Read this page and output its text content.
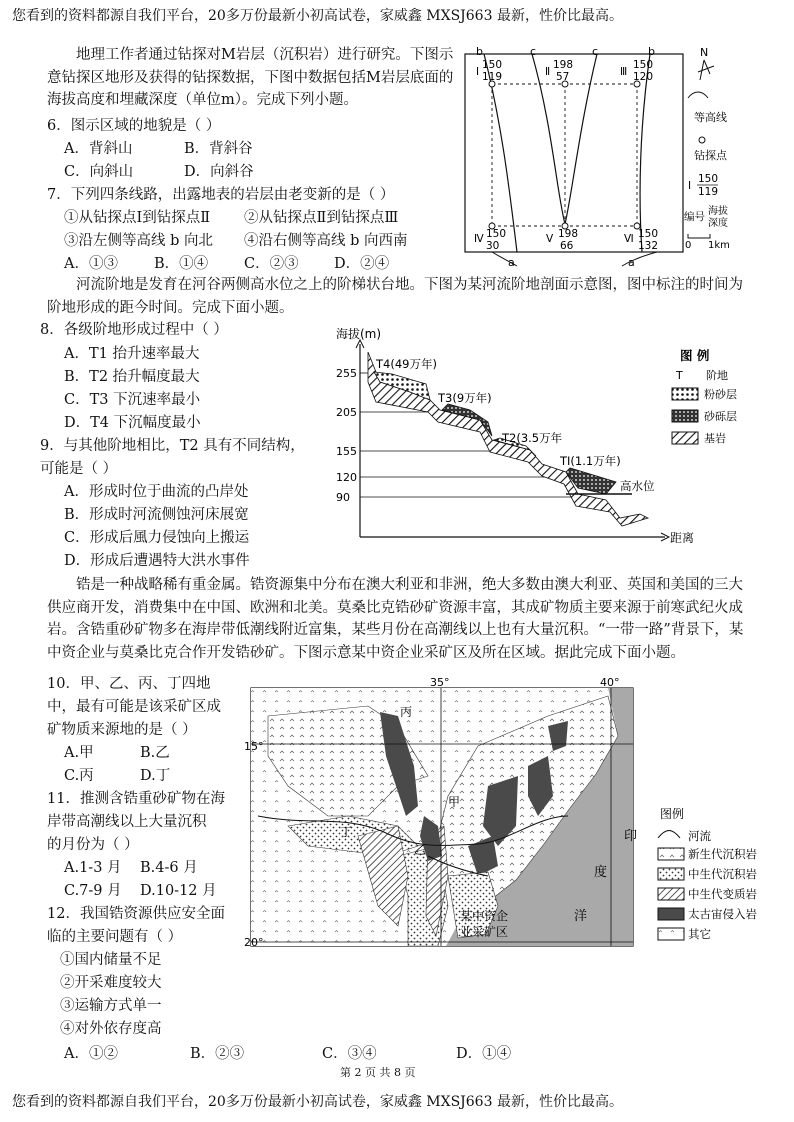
您看到的资料都源自我们平台，20多万份最新小初高试卷，家威鑫 MXSJ663 最新，性价比最高。
地理工作者通过钻探对M岩层（沉积岩）进行研究。下图示意钻探区地形及获得的钻探数据，下图中数据包括M岩层底面的海拔高度和埋藏深度（单位m）。完成下列小题。
6．图示区域的地貌是（ ）
A．背斜山	B．背斜谷
C．向斜山	D．向斜谷
7．下列四条线路，出露地表的岩层由老变新的是（ ）
①从钻探点Ⅰ到钻探点Ⅱ ②从钻探点Ⅱ到钻探点Ⅲ
③沿左侧等高线 b 向北 ④沿右侧等高线 b 向西南
A．①③ B．①④ C．②③ D．②④
b	c	c	b
a	a
Ⅰ
150
119	Ⅱ
198
57	Ⅲ
150
120
Ⅳ 150
30
Ⅴ 198
66
Ⅵ 150
132
N
等高线
钻探点
Ⅰ
150
119
编号 海拔
深度
0 1km
河流阶地是发育在河谷两侧高水位之上的阶梯状台地。下图为某河流阶地剖面示意图，图中标注的时间为阶地形成的距今时间。完成下面小题。
8．各级阶地形成过程中（ ）
A．T1 抬升速率最大
B．T2 抬升幅度最大
C．T3 下沉速率最小
D．T4 下沉幅度最小
9．与其他阶地相比，T2 具有不同结构，
可能是（ ）
A．形成时位于曲流的凸岸处
B．形成时河流侧蚀河床展宽
C．形成后風力侵蚀向上搬运
D．形成后遭遇特大洪水事件
海拔(m)
距离
255
205
155
120
90
T4(49万年)
T3(9万年)
T2(3.5万年
TI(1.1万年)
高水位
图 例
T 阶地
粉砂层
砂砾层
基岩
锆是一种战略稀有重金属。锆资源集中分布在澳大利亚和非洲，绝大多数由澳大利亚、英国和美国的三大供应商开发，消费集中在中国、欧洲和北美。莫桑比克锆砂矿资源丰富，其成矿物质主要来源于前寒武纪火成岩。含锆重砂矿物多在海岸带低潮线附近富集，某些月份在高潮线以上也有大量沉积。“一带一路”背景下，某中资企业与莫桑比克合作开发锆砂矿。下图示意某中资企业采矿区及所在区域。据此完成下面小题。
10．甲、乙、丙、丁四地
中，最有可能是该采矿区成
矿物质来源地的是（ ）
A.甲	B.乙
C.丙	D.丁
11．推测含锆重砂矿物在海
岸带高潮线以上大量沉积
的月份为（ ）
A.1-3 月 B.4-6 月
C.7-9 月 D.10-12 月
12．我国锆资源供应安全面
临的主要问题有（ ）
①国内储量不足
②开采难度较大
③运输方式单一
④对外依存度高
A．①②	B．②③	C．③④	D．①④
35°	40°
15°
20°
丙
甲
丁
乙
某中资企
业采矿区
印
度
洋
图例
河流
新生代沉积岩
中生代沉积岩
中生代变质岩
太古宙侵入岩
其它
第 2 页 共 8 页
您看到的资料都源自我们平台，20多万份最新小初高试卷，家威鑫 MXSJ663 最新，性价比最高。
